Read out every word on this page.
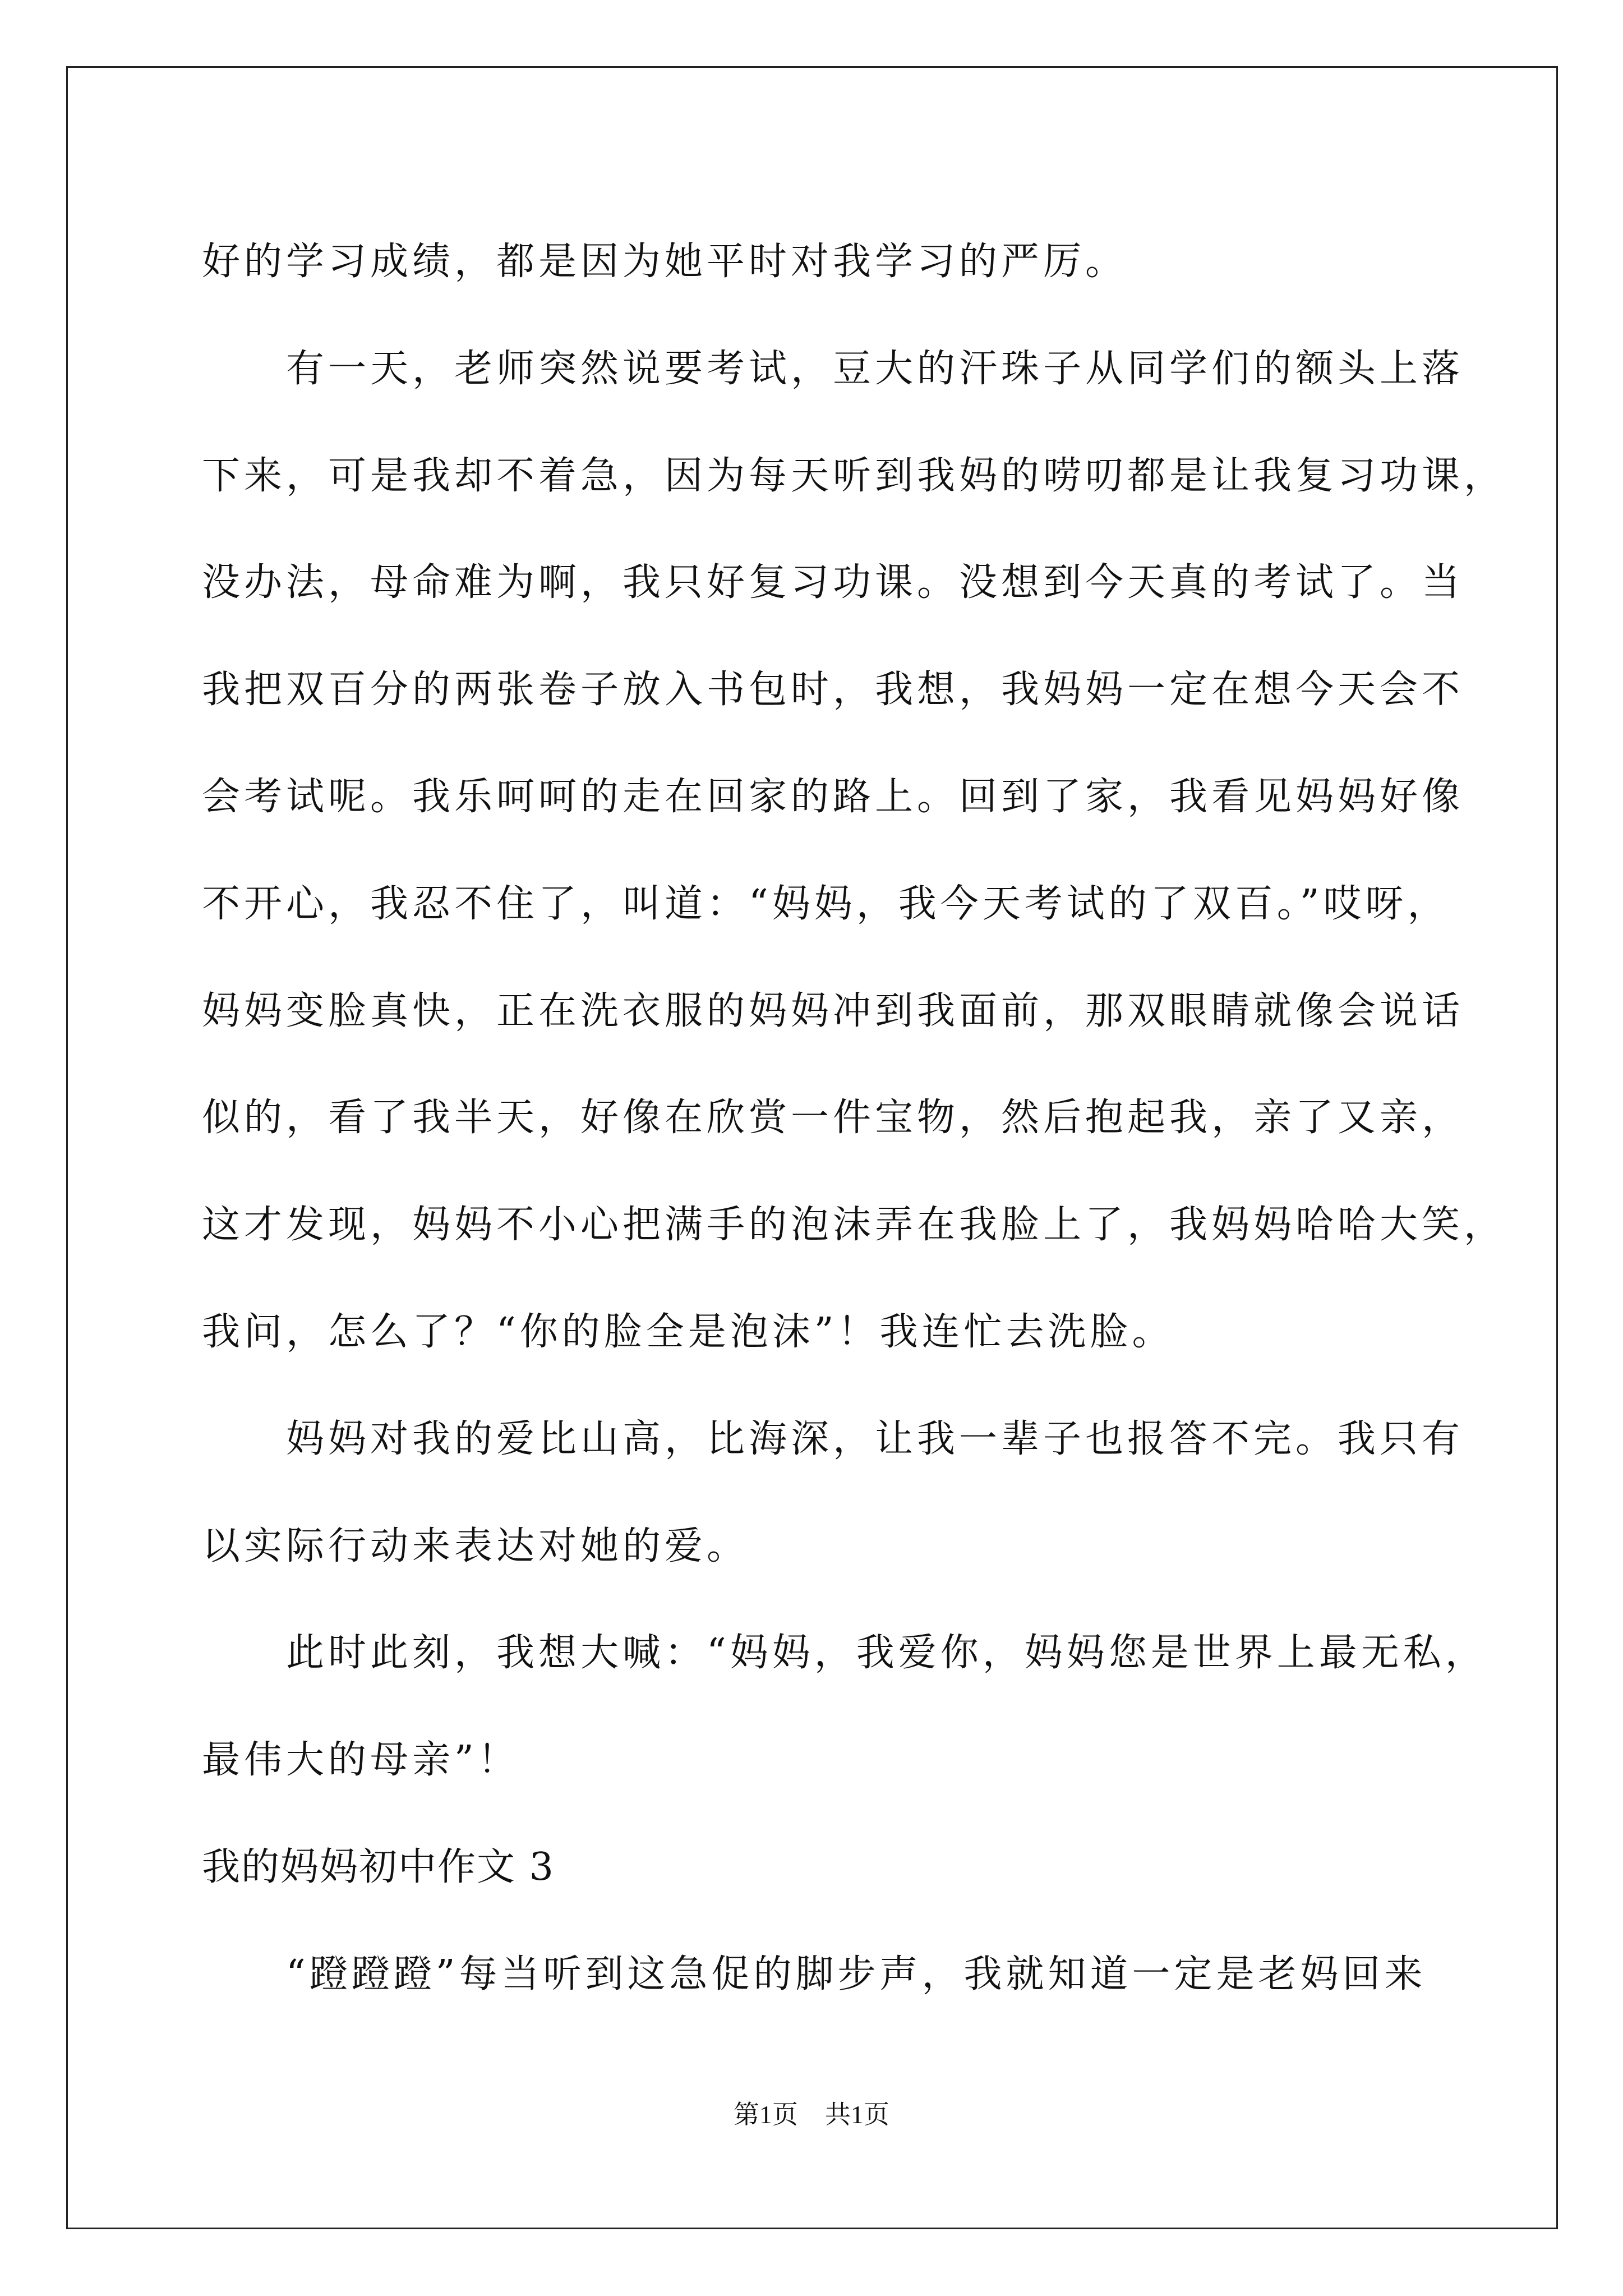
好的学习成绩，都是因为她平时对我学习的严厉。
有一天，老师突然说要考试，豆大的汗珠子从同学们的额头上落
下来，可是我却不着急，因为每天听到我妈的唠叨都是让我复习功课，
没办法，母命难为啊，我只好复习功课。没想到今天真的考试了。当
我把双百分的两张卷子放入书包时，我想，我妈妈一定在想今天会不
会考试呢。我乐呵呵的走在回家的路上。回到了家，我看见妈妈好像
不开心，我忍不住了，叫道：“妈妈，我今天考试的了双百。”哎呀，
妈妈变脸真快，正在洗衣服的妈妈冲到我面前，那双眼睛就像会说话
似的，看了我半天，好像在欣赏一件宝物，然后抱起我，亲了又亲，
这才发现，妈妈不小心把满手的泡沫弄在我脸上了，我妈妈哈哈大笑，
我问，怎么了？“你的脸全是泡沫”！我连忙去洗脸。
妈妈对我的爱比山高，比海深，让我一辈子也报答不完。我只有
以实际行动来表达对她的爱。
此时此刻，我想大喊：“妈妈，我爱你，妈妈您是世界上最无私，
最伟大的母亲”！
我的妈妈初中作文 3
“蹬蹬蹬”每当听到这急促的脚步声，我就知道一定是老妈回来
第1页 共1页
